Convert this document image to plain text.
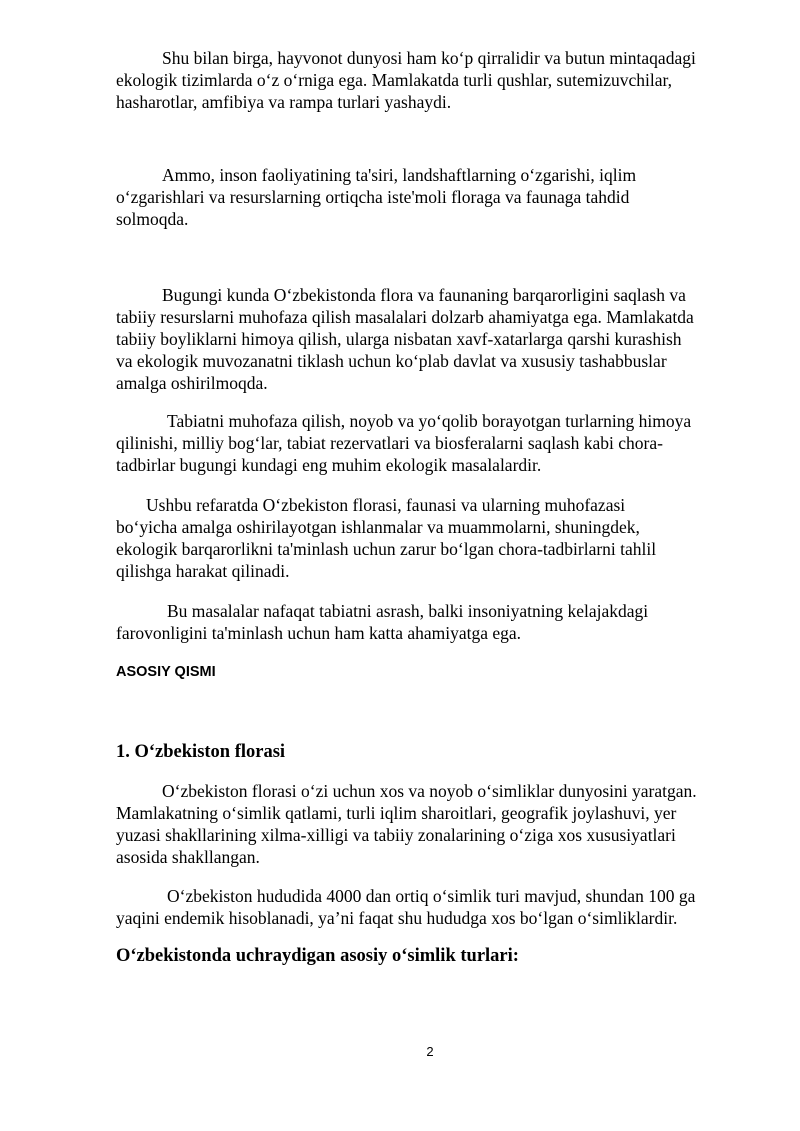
Shu bilan birga, hayvonot dunyosi ham ko‘p qirralidir va butun mintaqadagi
ekologik tizimlarda o‘z o‘rniga ega. Mamlakatda turli qushlar, sutemizuvchilar,
hasharotlar, amfibiya va rampa turlari yashaydi.

Ammo, inson faoliyatining ta'siri, landshaftlarning o‘zgarishi, iqlim
o‘zgarishlari va resurslarning ortiqcha iste'moli floraga va faunaga tahdid
solmoqda.

Bugungi kunda O‘zbekistonda flora va faunaning barqarorligini saqlash va
tabiiy resurslarni muhofaza qilish masalalari dolzarb ahamiyatga ega. Mamlakatda
tabiiy boyliklarni himoya qilish, ularga nisbatan xavf-xatarlarga qarshi kurashish
va ekologik muvozanatni tiklash uchun ko‘plab davlat va xususiy tashabbuslar
amalga oshirilmoqda.

Tabiatni muhofaza qilish, noyob va yo‘qolib borayotgan turlarning himoya
qilinishi, milliy bog‘lar, tabiat rezervatlari va biosferalarni saqlash kabi chora-
tadbirlar bugungi kundagi eng muhim ekologik masalalardir.

Ushbu refaratda O‘zbekiston florasi, faunasi va ularning muhofazasi
bo‘yicha amalga oshirilayotgan ishlanmalar va muammolarni, shuningdek,
ekologik barqarorlikni ta'minlash uchun zarur bo‘lgan chora-tadbirlarni tahlil
qilishga harakat qilinadi.

Bu masalalar nafaqat tabiatni asrash, balki insoniyatning kelajakdagi
farovonligini ta'minlash uchun ham katta ahamiyatga ega.

ASOSIY QISMI

1. O‘zbekiston florasi

O‘zbekiston florasi o‘zi uchun xos va noyob o‘simliklar dunyosini yaratgan.
Mamlakatning o‘simlik qatlami, turli iqlim sharoitlari, geografik joylashuvi, yer
yuzasi shakllarining xilma-xilligi va tabiiy zonalarining o‘ziga xos xususiyatlari
asosida shakllangan.

O‘zbekiston hududida 4000 dan ortiq o‘simlik turi mavjud, shundan 100 ga
yaqini endemik hisoblanadi, ya’ni faqat shu hududga xos bo‘lgan o‘simliklardir.

O‘zbekistonda uchraydigan asosiy o‘simlik turlari:
2
